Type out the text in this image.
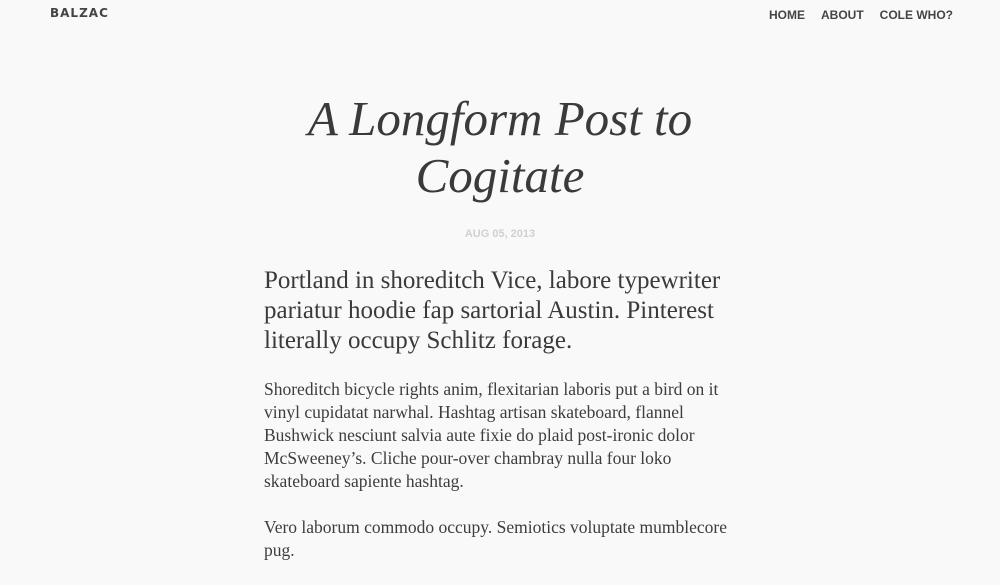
BALZAC	HOME ABOUT COLE WHO?
A Longform Post to Cogitate
AUG 05, 2013

Portland in shoreditch Vice, labore typewriter pariatur hoodie fap sartorial Austin. Pinterest literally occupy Schlitz forage.

Shoreditch bicycle rights anim, flexitarian laboris put a bird on it vinyl cupidatat narwhal. Hashtag artisan skateboard, flannel Bushwick nesciunt salvia aute fixie do plaid post-ironic dolor McSweeney’s. Cliche pour-over chambray nulla four loko skateboard sapiente hashtag.

Vero laborum commodo occupy. Semiotics voluptate mumblecore pug.
